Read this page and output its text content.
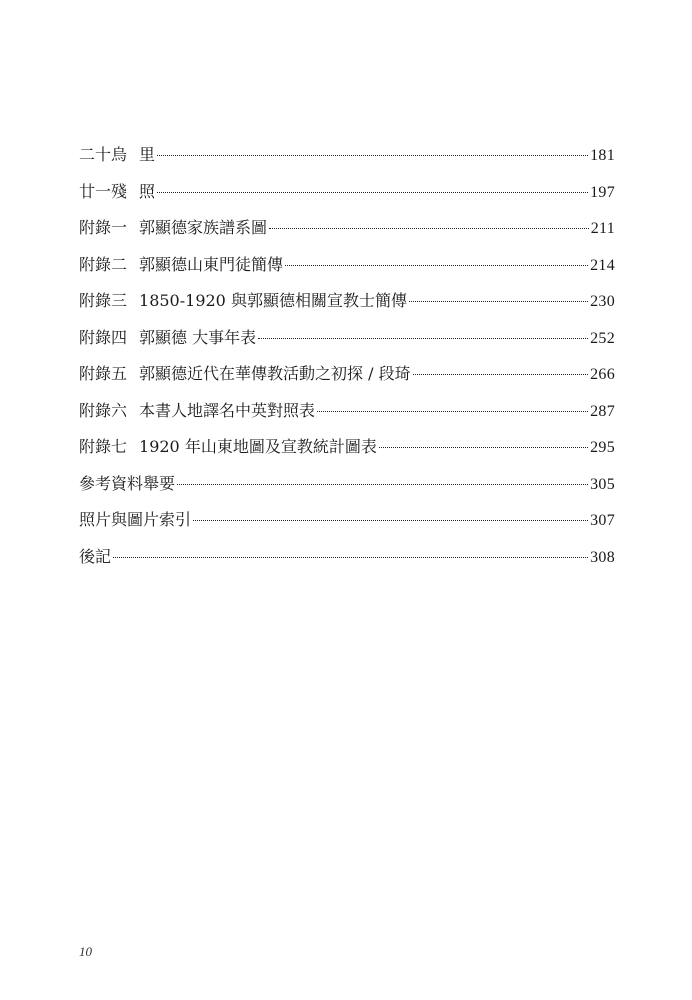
二十烏 里	181
廿一殘 照	197
附錄一 郭顯德家族譜系圖	211
附錄二 郭顯德山東門徒簡傳	214
附錄三 1850-1920 與郭顯德相關宣教士簡傳	230
附錄四 郭顯德 大事年表	252
附錄五 郭顯德近代在華傳教活動之初探 / 段琦	266
附錄六 本書人地譯名中英對照表	287
附錄七 1920 年山東地圖及宣教統計圖表	295
參考資料舉要	305
照片與圖片索引	307
後記	308
10
